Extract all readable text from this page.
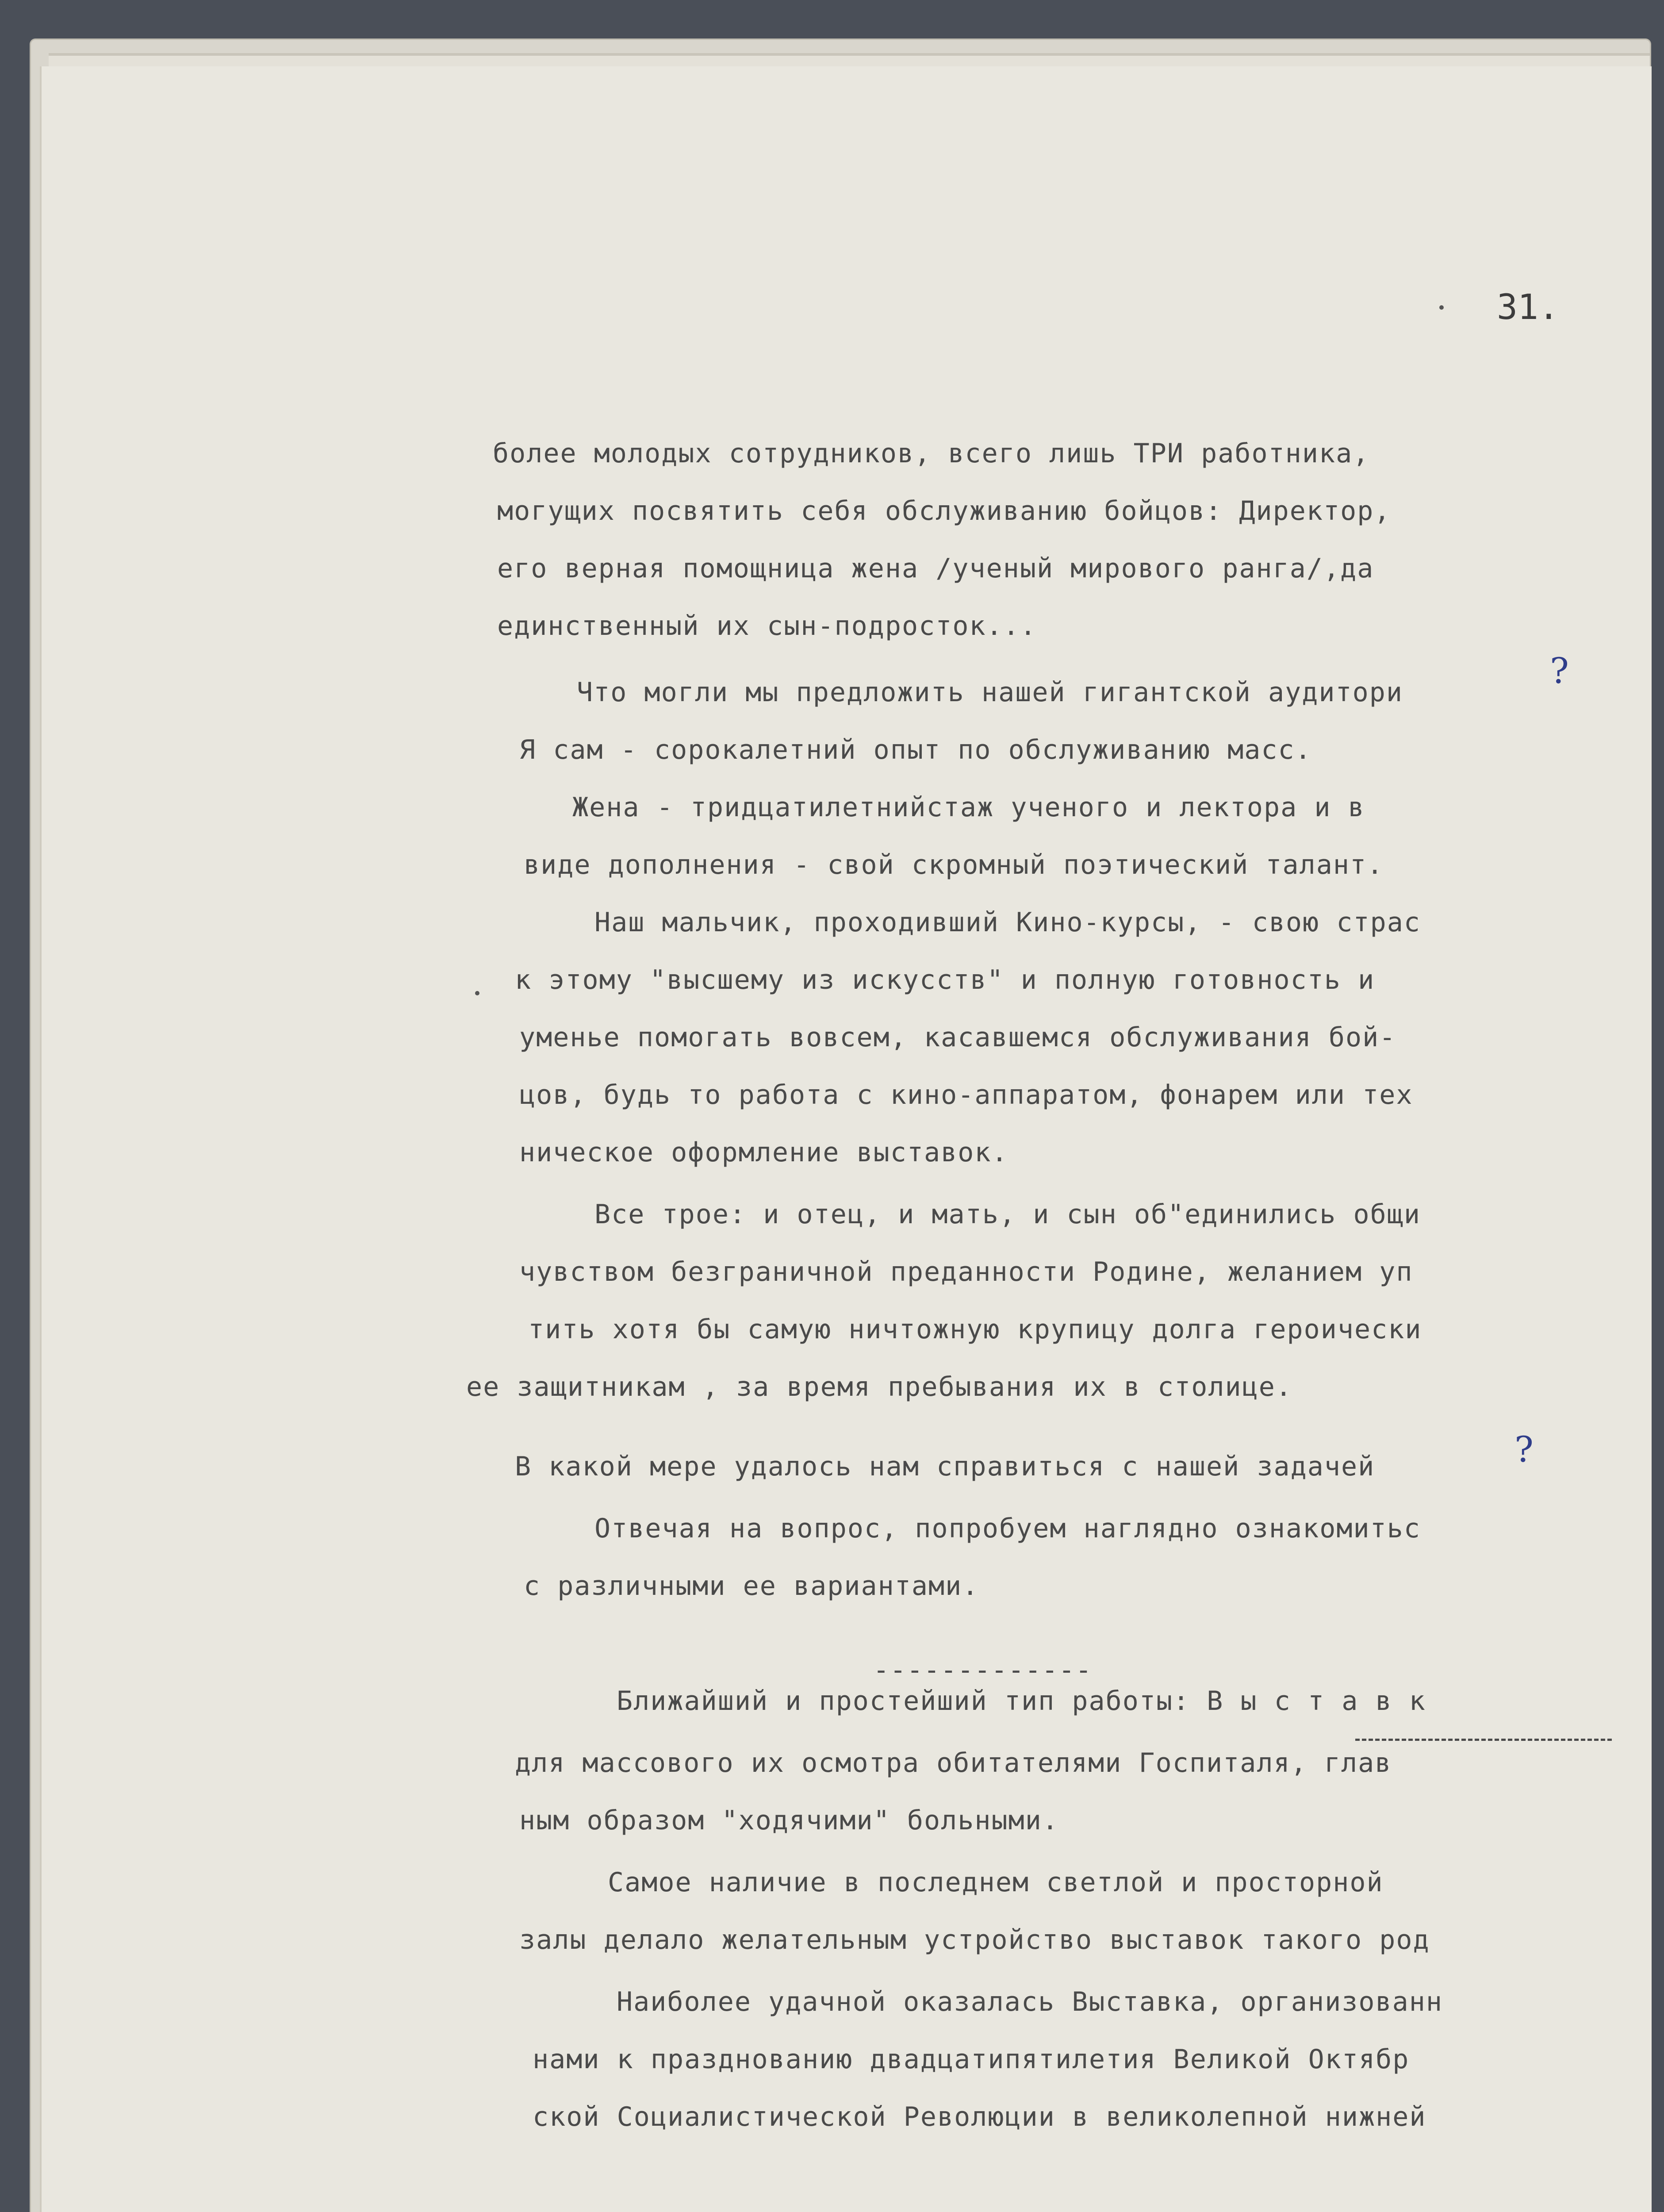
31.
более молодых сотрудников, всего лишь ТРИ работника,
могущих посвятить себя обслуживанию бойцов: Директор,
его верная помощница жена /ученый мирового ранга/,да
единственный их сын-подросток...
Что могли мы предложить нашей гигантской аудитори
Я сам - сорокалетний опыт по обслуживанию масс.
Жена - тридцатилетнийстаж ученого и лектора и в
виде дополнения - свой скромный поэтический талант.
Наш мальчик, проходивший Кино-курсы, - свою страс
к этому "высшему из искусств" и полную готовность и
уменье помогать вовсем, касавшемся обслуживания бой-
цов, будь то работа с кино-аппаратом, фонарем или тех
ническое оформление выставок.
Все трое: и отец, и мать, и сын об"единились общи
чувством безграничной преданности Родине, желанием уп
тить хотя бы самую ничтожную крупицу долга героически
ее защитникам , за время пребывания их в столице.
В какой мере удалось нам справиться с нашей задачей
Отвечая на вопрос, попробуем наглядно ознакомитьс
с различными ее вариантами.
Ближайший и простейший тип работы: В ы с т а в к
для массового их осмотра обитателями Госпиталя, глав
ным образом "ходячими" больными.
Самое наличие в последнем светлой и просторной
залы делало желательным устройство выставок такого род
Наиболее удачной оказалась Выставка, организованн
нами к празднованию двадцатипятилетия Великой Октябр
ской Социалистической Революции в великолепной нижней
-------------
?
?
